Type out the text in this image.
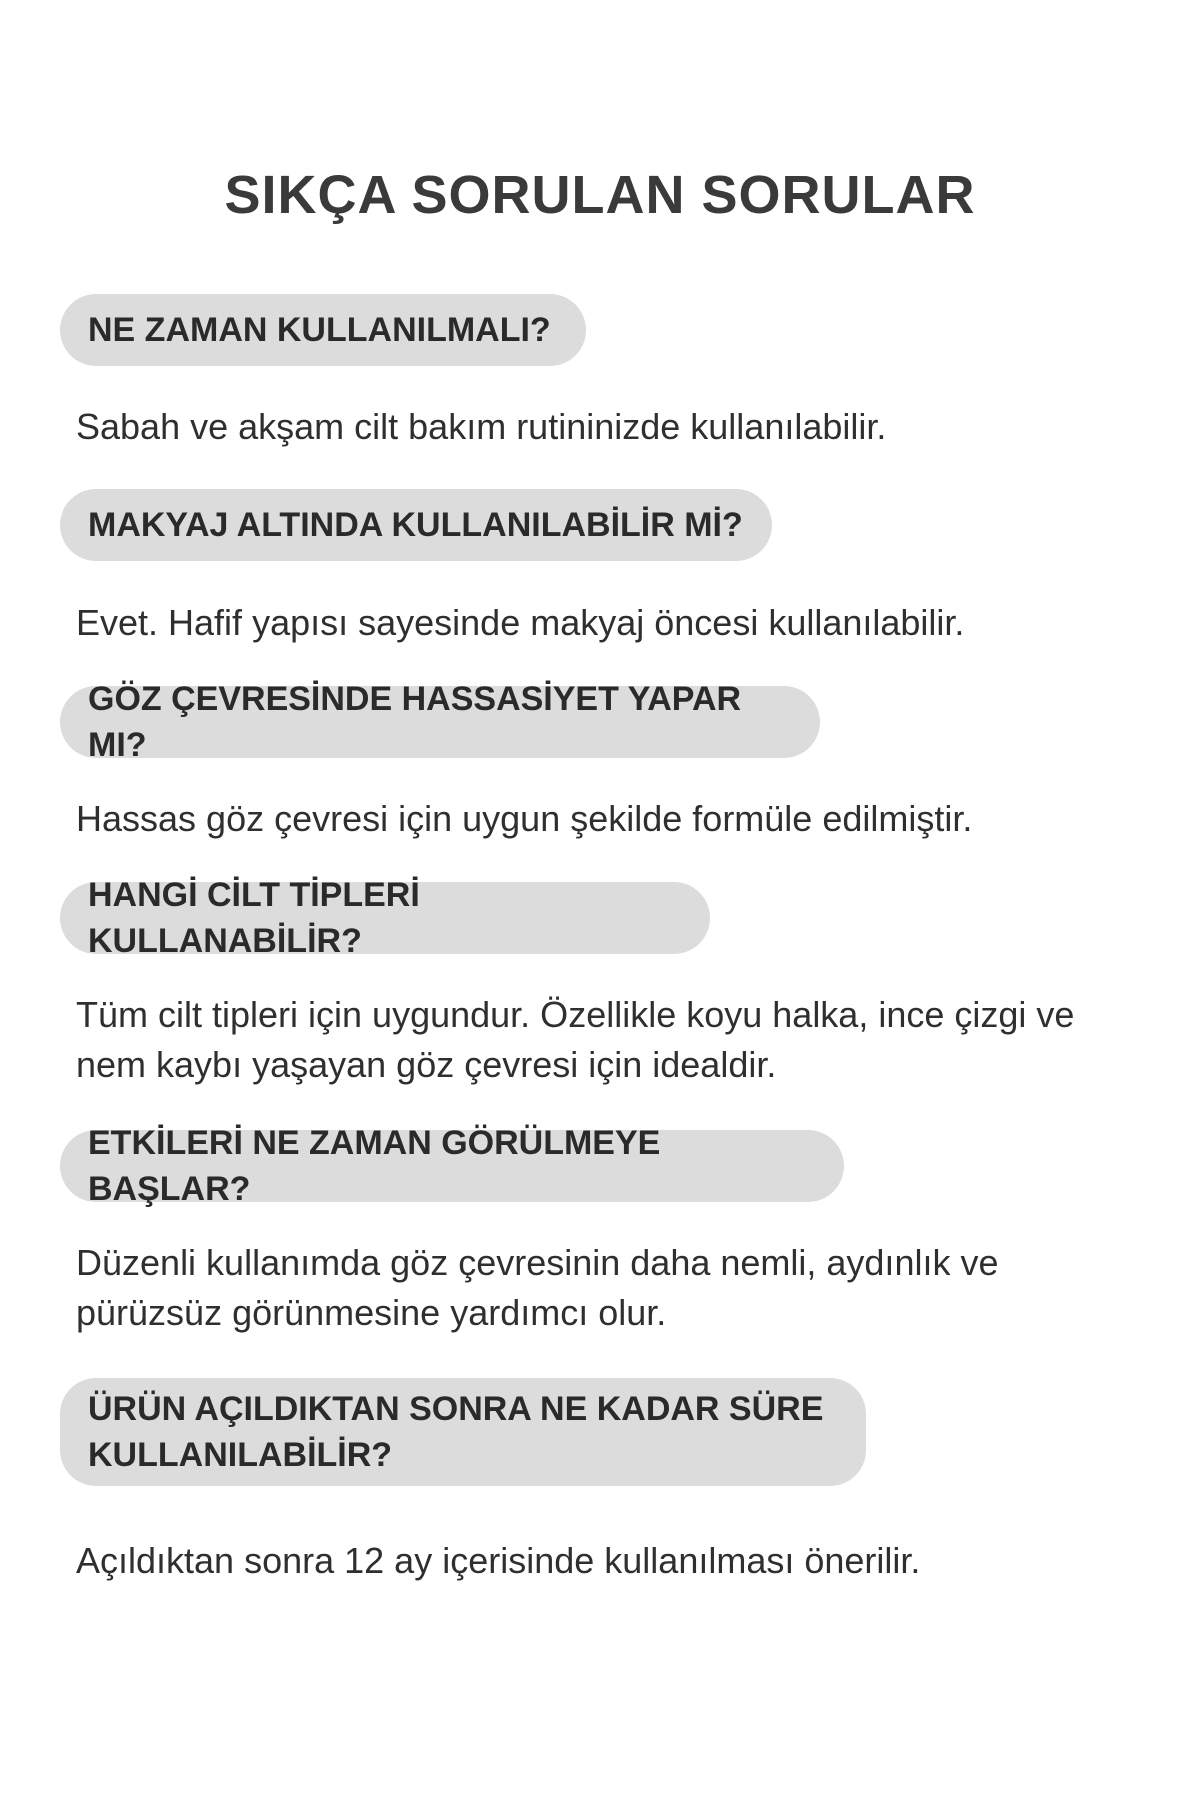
SIKÇA SORULAN SORULAR
NE ZAMAN KULLANILMALI?

Sabah ve akşam cilt bakım rutininizde kullanılabilir.

MAKYAJ ALTINDA KULLANILABİLİR Mİ?

Evet. Hafif yapısı sayesinde makyaj öncesi kullanılabilir.

GÖZ ÇEVRESİNDE HASSASİYET YAPAR MI?

Hassas göz çevresi için uygun şekilde formüle edilmiştir.

HANGİ CİLT TİPLERİ KULLANABİLİR?

Tüm cilt tipleri için uygundur. Özellikle koyu halka, ince çizgi ve nem kaybı yaşayan göz çevresi için idealdir.

ETKİLERİ NE ZAMAN GÖRÜLMEYE BAŞLAR?

Düzenli kullanımda göz çevresinin daha nemli, aydınlık ve pürüzsüz görünmesine yardımcı olur.

ÜRÜN AÇILDIKTAN SONRA NE KADAR SÜRE KULLANILABİLİR?

Açıldıktan sonra 12 ay içerisinde kullanılması önerilir.
